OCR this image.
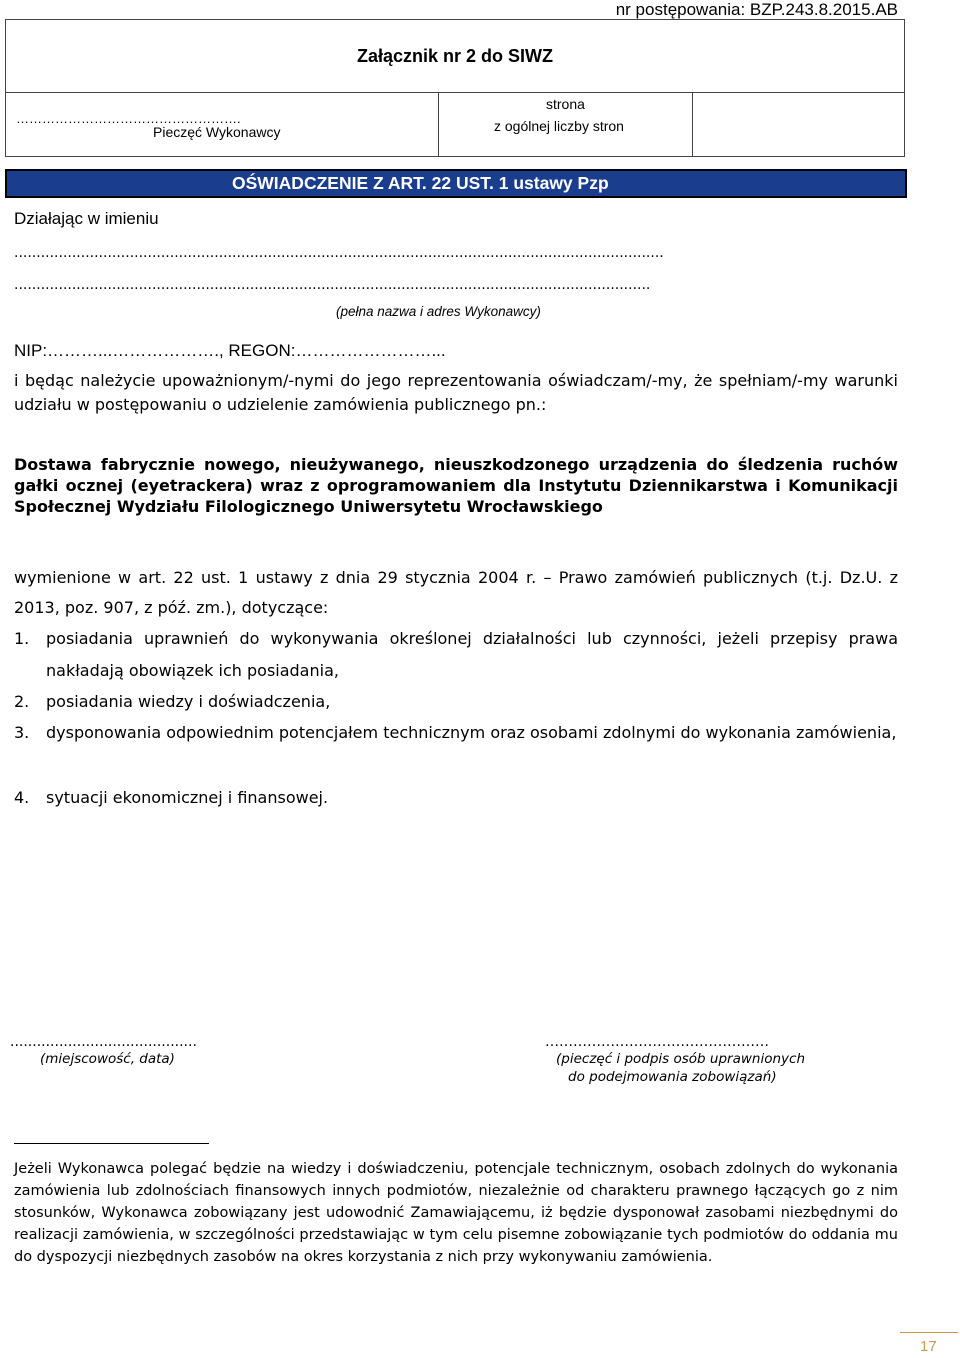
nr postępowania: BZP.243.8.2015.AB
Załącznik nr 2 do SIWZ
…………………………………………….
Pieczęć Wykonawcy
strona
z ogólnej liczby stron
OŚWIADCZENIE Z ART. 22 UST. 1 ustawy Pzp
Działając w imieniu
..................................................................................................................................................
...............................................................................................................................................
(pełna nazwa i adres Wykonawcy)
NIP:………...………………., REGON:……………………...
i będąc należycie upoważnionym/-nymi do jego reprezentowania oświadczam/-my, że spełniam/-my warunki udziału w postępowaniu o udzielenie zamówienia publicznego pn.:
Dostawa fabrycznie nowego, nieużywanego, nieuszkodzonego urządzenia do śledzenia ruchów gałki ocznej (eyetrackera) wraz z oprogramowaniem dla Instytutu Dziennikarstwa i Komunikacji Społecznej Wydziału Filologicznego Uniwersytetu Wrocławskiego
wymienione w art. 22 ust. 1 ustawy z dnia 29 stycznia 2004 r. – Prawo zamówień publicznych (t.j. Dz.U. z 2013, poz. 907, z póź. zm.), dotyczące:
1. posiadania uprawnień do wykonywania określonej działalności lub czynności, jeżeli przepisy prawa nakładają obowiązek ich posiadania,
2. posiadania wiedzy i doświadczenia,
3. dysponowania odpowiednim potencjałem technicznym oraz osobami zdolnymi do wykonania zamówienia,
4. sytuacji ekonomicznej i finansowej.
..........................................
(miejscowość, data)
…………………………………………
(pieczęć i podpis osób uprawnionych
do podejmowania zobowiązań)
Jeżeli Wykonawca polegać będzie na wiedzy i doświadczeniu, potencjale technicznym, osobach zdolnych do wykonania zamówienia lub zdolnościach finansowych innych podmiotów, niezależnie od charakteru prawnego łączących go z nim stosunków, Wykonawca zobowiązany jest udowodnić Zamawiającemu, iż będzie dysponował zasobami niezbędnymi do realizacji zamówienia, w szczególności przedstawiając w tym celu pisemne zobowiązanie tych podmiotów do oddania mu do dyspozycji niezbędnych zasobów na okres korzystania z nich przy wykonywaniu zamówienia.
17
